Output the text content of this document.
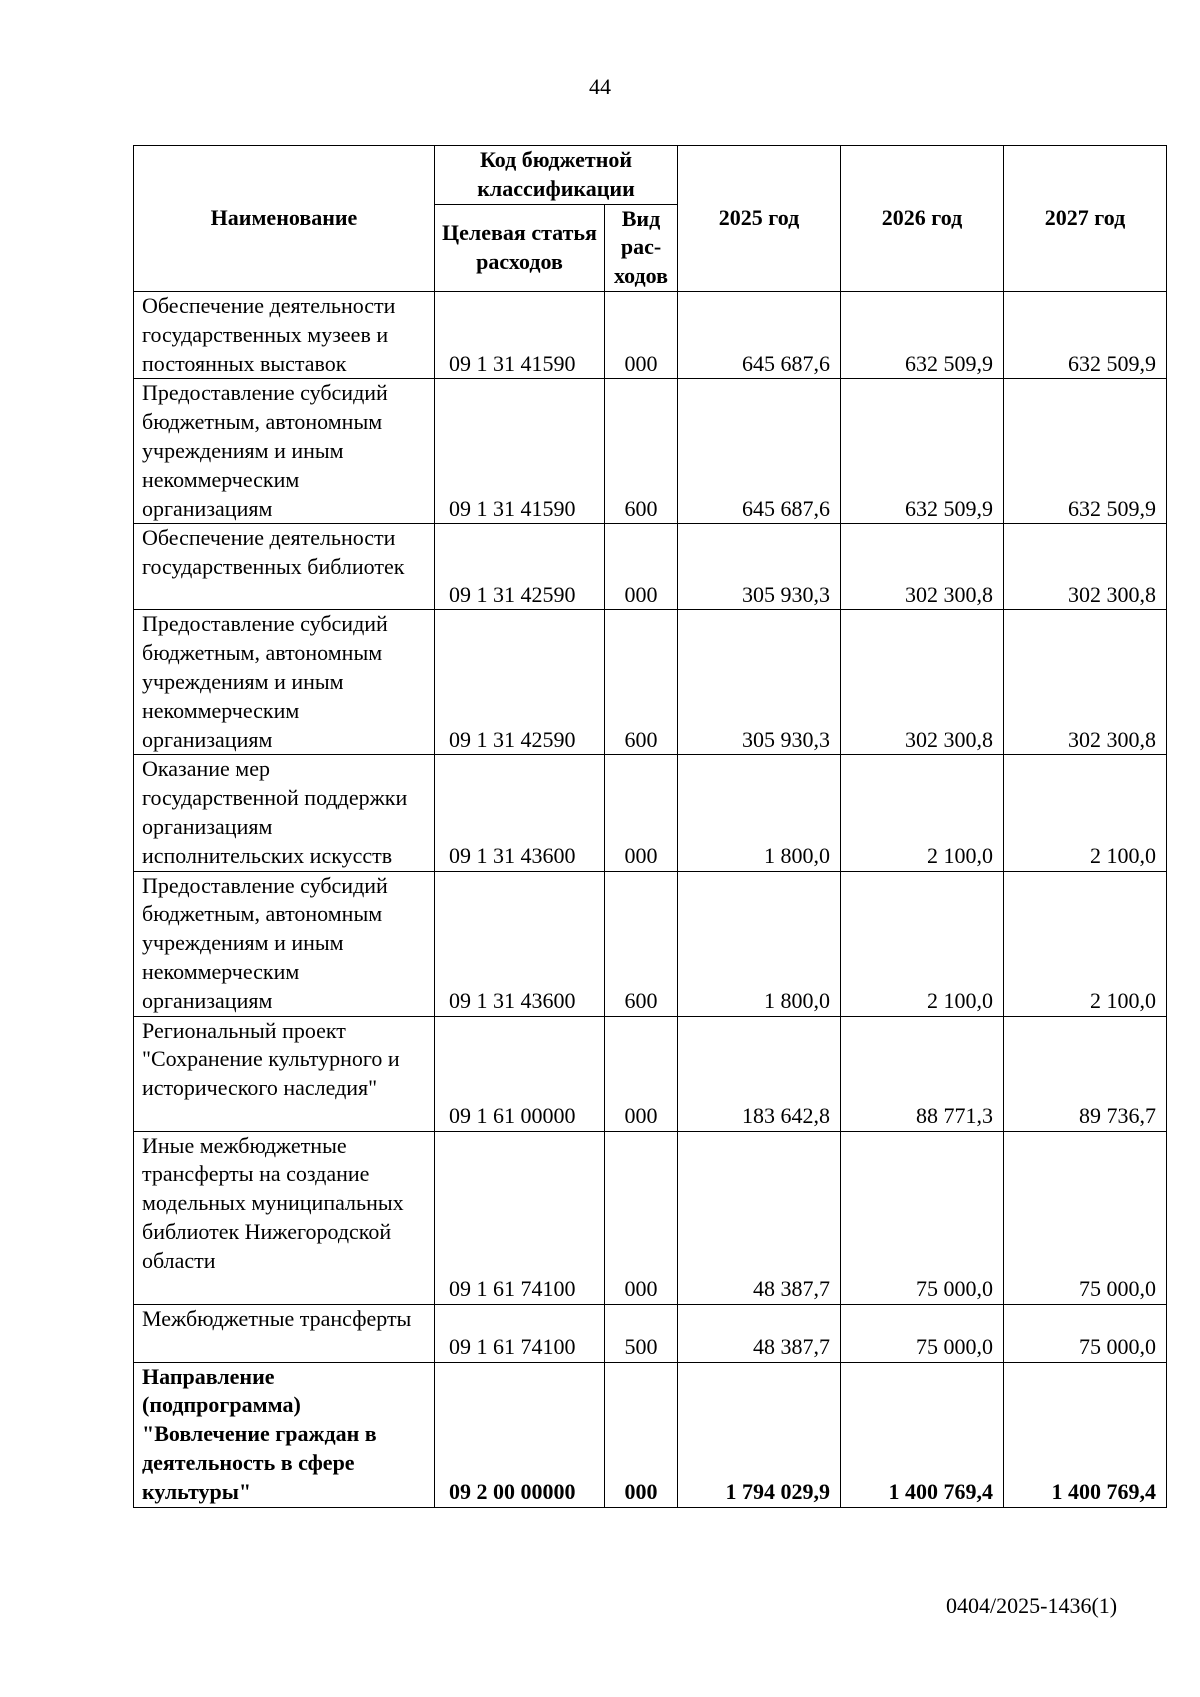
44
Наименование	Код бюджетной классификации		2025 год	2026 год	2027 год
	Целевая статья расходов	Вид рас-ходов			
Обеспечение деятельности государственных музеев и постоянных выставок	09 1 31 41590	000	645 687,6	632 509,9	632 509,9
Предоставление субсидий бюджетным, автономным учреждениям и иным некоммерческим организациям	09 1 31 41590	600	645 687,6	632 509,9	632 509,9
Обеспечение деятельности государственных библиотек	09 1 31 42590	000	305 930,3	302 300,8	302 300,8
Предоставление субсидий бюджетным, автономным учреждениям и иным некоммерческим организациям	09 1 31 42590	600	305 930,3	302 300,8	302 300,8
Оказание мер государственной поддержки организациям исполнительских искусств	09 1 31 43600	000	1 800,0	2 100,0	2 100,0
Предоставление субсидий бюджетным, автономным учреждениям и иным некоммерческим организациям	09 1 31 43600	600	1 800,0	2 100,0	2 100,0
Региональный проект "Сохранение культурного и исторического наследия"	09 1 61 00000	000	183 642,8	88 771,3	89 736,7
Иные межбюджетные трансферты на создание модельных муниципальных библиотек Нижегородской области	09 1 61 74100	000	48 387,7	75 000,0	75 000,0
Межбюджетные трансферты	09 1 61 74100	500	48 387,7	75 000,0	75 000,0
Направление (подпрограмма) "Вовлечение граждан в деятельность в сфере культуры"	09 2 00 00000	000	1 794 029,9	1 400 769,4	1 400 769,4
0404/2025-1436(1)
